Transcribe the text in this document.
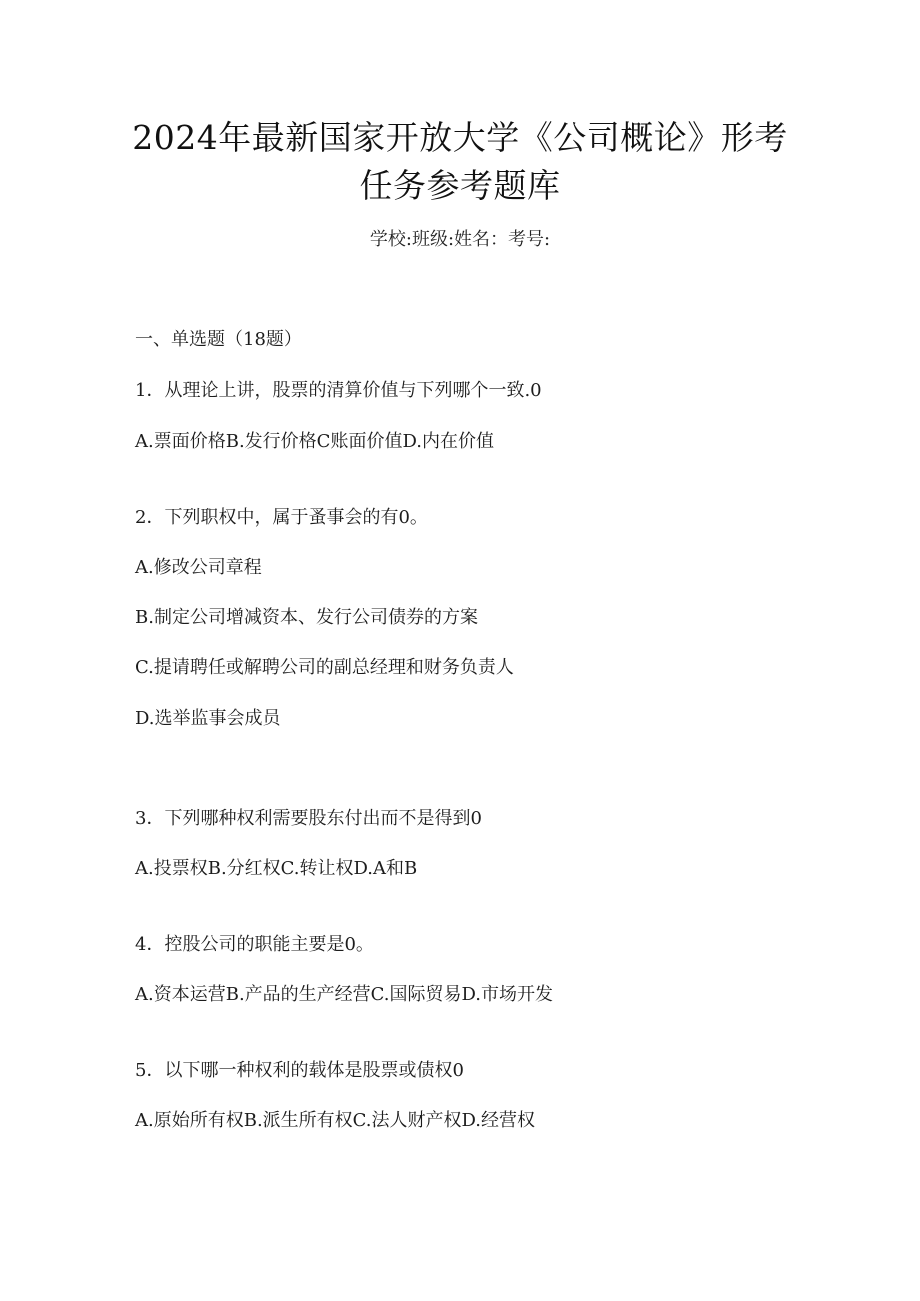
2024年最新国家开放大学《公司概论》形考
任务参考题库
学校:班级:姓名：考号:
一、单选题（18题）
1．从理论上讲，股票的清算价值与下列哪个一致.0
A.票面价格B.发行价格C账面价值D.内在价值
2．下列职权中，属于蚤事会的有0。
A.修改公司章程
B.制定公司增减资本、发行公司债券的方案
C.提请聘任或解聘公司的副总经理和财务负责人
D.选举监事会成员
3．下列哪种权利需要股东付出而不是得到0
A.投票权B.分红权C.转让权D.A和B
4．控股公司的职能主要是0。
A.资本运营B.产品的生产经营C.国际贸易D.市场开发
5．以下哪一种权利的载体是股票或债权0
A.原始所有权B.派生所有权C.法人财产权D.经营权
